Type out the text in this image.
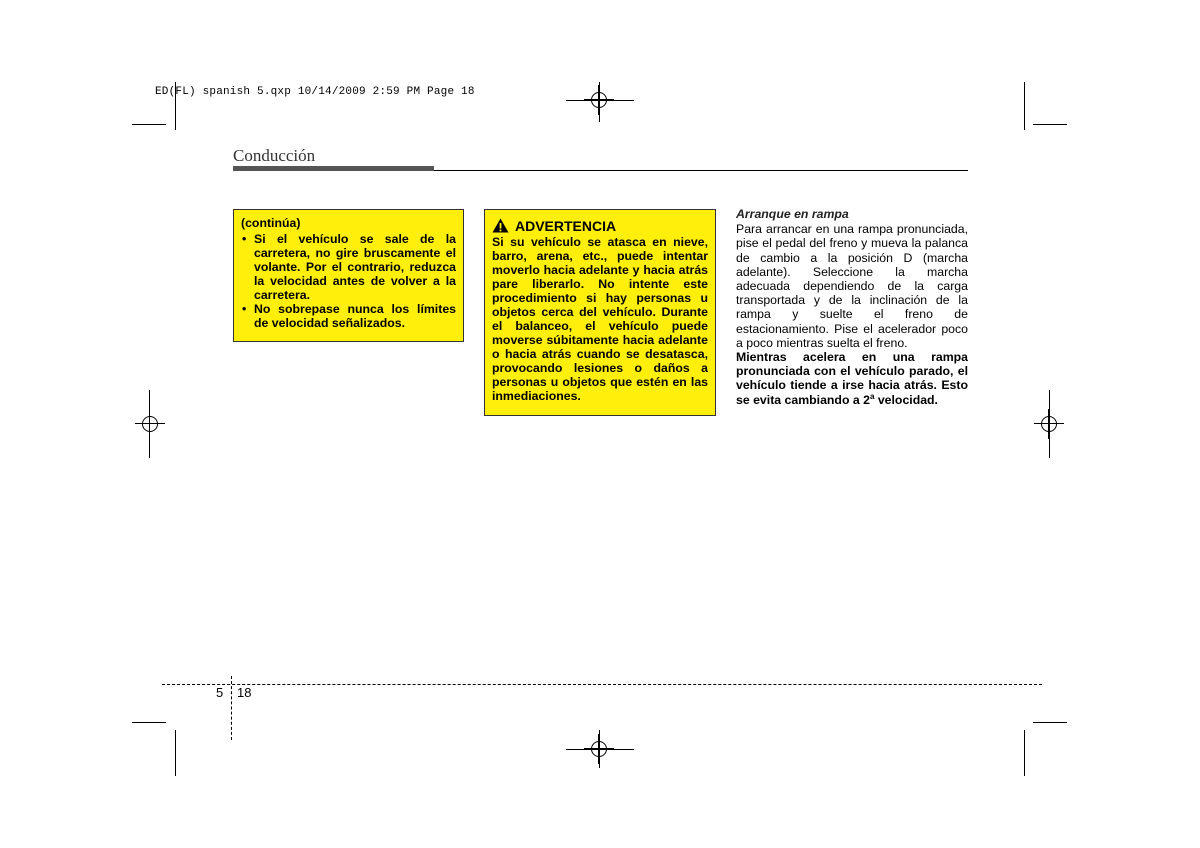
ED(FL) spanish 5.qxp 10/14/2009 2:59 PM Page 18
Conducción

(continúa)

• Si el vehículo se sale de la carretera, no gire bruscamente el volante. Por el contrario, reduzca la velocidad antes de volver a la carretera.
• No sobrepase nunca los límites de velocidad señalizados.
ADVERTENCIA

Si su vehículo se atasca en nieve, barro, arena, etc., puede intentar moverlo hacia adelante y hacia atrás pare liberarlo. No intente este procedimiento si hay personas u objetos cerca del vehículo. Durante el balanceo, el vehículo puede moverse súbitamente hacia adelante o hacia atrás cuando se desatasca, provocando lesiones o daños a personas u objetos que estén en las inmediaciones.

Arranque en rampa

Para arrancar en una rampa pronunciada, pise el pedal del freno y mueva la palanca de cambio a la posición D (marcha adelante). Seleccione la marcha adecuada dependiendo de la carga transportada y de la inclinación de la rampa y suelte el freno de estacionamiento. Pise el acelerador poco a poco mientras suelta el freno.

Mientras acelera en una rampa pronunciada con el vehículo parado, el vehículo tiende a irse hacia atrás. Esto se evita cambiando a 2$^a$ velocidad.

5 18
